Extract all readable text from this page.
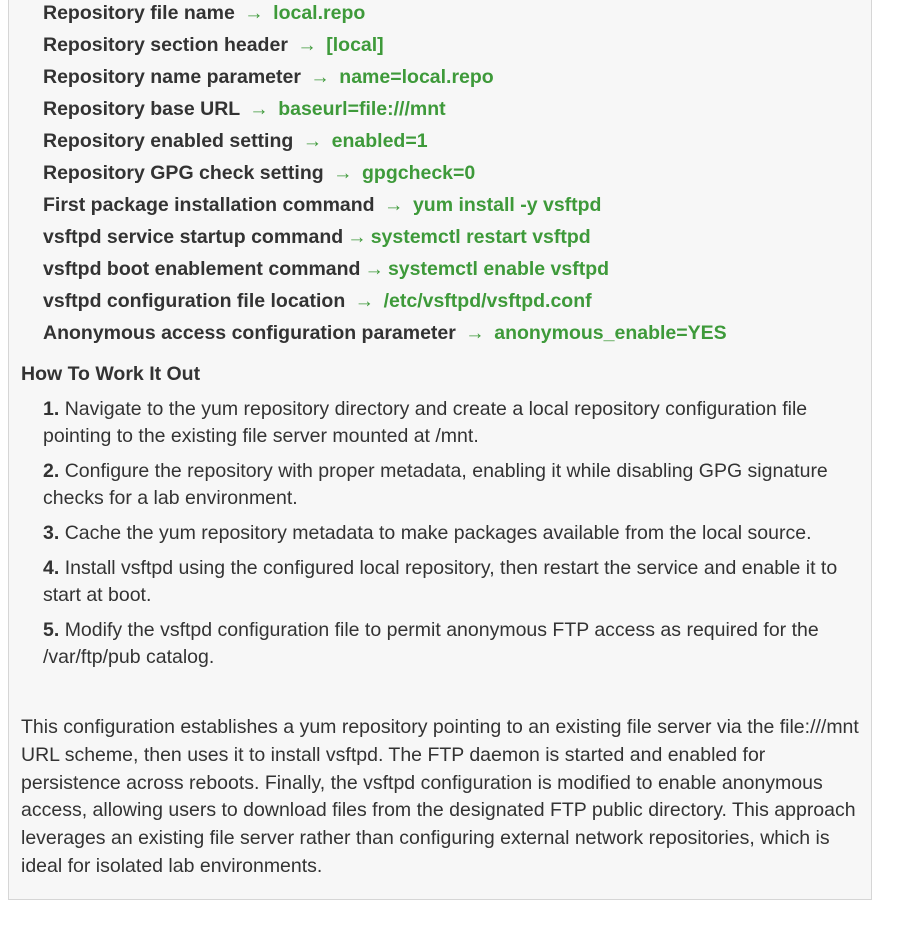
Repository file name → local.repo
Repository section header → [local]
Repository name parameter → name=local.repo
Repository base URL → baseurl=file:///mnt
Repository enabled setting → enabled=1
Repository GPG check setting → gpgcheck=0
First package installation command → yum install -y vsftpd
vsftpd service startup command → systemctl restart vsftpd
vsftpd boot enablement command → systemctl enable vsftpd
vsftpd configuration file location → /etc/vsftpd/vsftpd.conf
Anonymous access configuration parameter → anonymous_enable=YES
How To Work It Out

1. Navigate to the yum repository directory and create a local repository configuration file pointing to the existing file server mounted at /mnt.

2. Configure the repository with proper metadata, enabling it while disabling GPG signature checks for a lab environment.

3. Cache the yum repository metadata to make packages available from the local source.

4. Install vsftpd using the configured local repository, then restart the service and enable it to start at boot.

5. Modify the vsftpd configuration file to permit anonymous FTP access as required for the /var/ftp/pub catalog.

This configuration establishes a yum repository pointing to an existing file server via the file:///mnt URL scheme, then uses it to install vsftpd. The FTP daemon is started and enabled for persistence across reboots. Finally, the vsftpd configuration is modified to enable anonymous access, allowing users to download files from the designated FTP public directory. This approach leverages an existing file server rather than configuring external network repositories, which is ideal for isolated lab environments.
